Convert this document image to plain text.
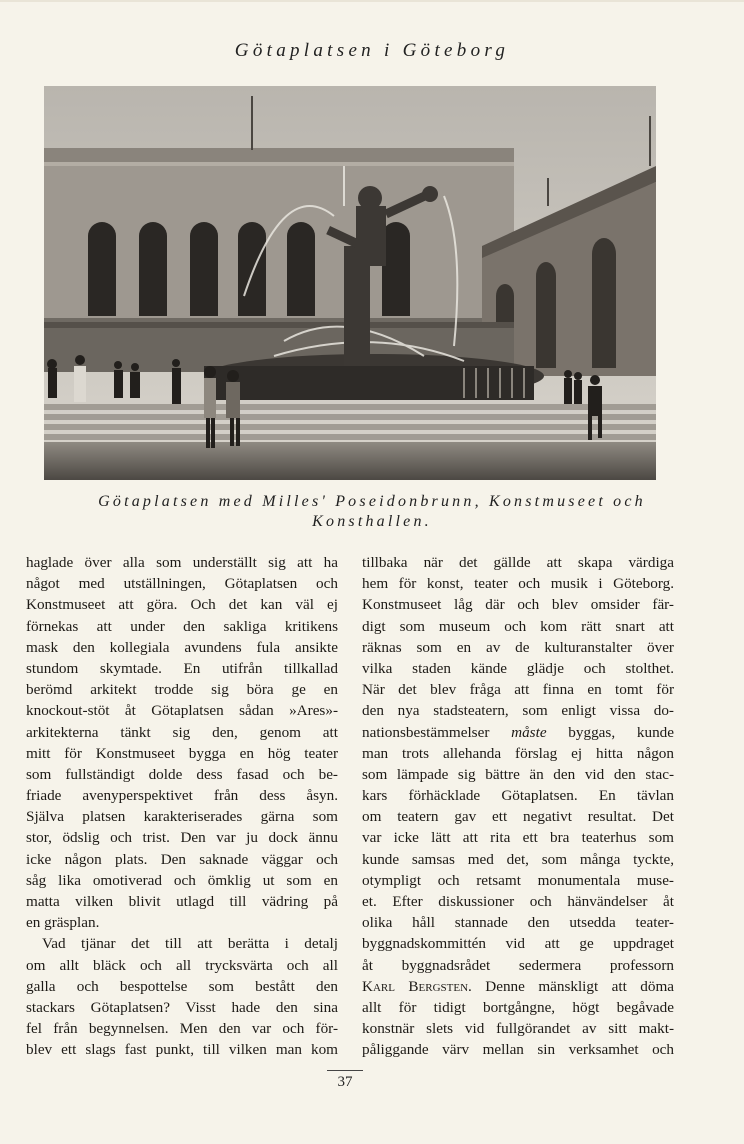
Götaplatsen i Göteborg
Götaplatsen med Milles' Poseidonbrunn, Konstmuseet och
Konsthallen.
haglade över alla som underställt sig att ha
något med utställningen, Götaplatsen och
Konstmuseet att göra. Och det kan väl ej
förnekas att under den sakliga kritikens
mask den kollegiala avundens fula ansikte
stundom skymtade. En utifrån tillkallad
berömd arkitekt trodde sig böra ge en
knockout-stöt åt Götaplatsen sådan »Ares»-
arkitekterna tänkt sig den, genom att
mitt för Konstmuseet bygga en hög teater
som fullständigt dolde dess fasad och be-
friade avenyperspektivet från dess åsyn.
Själva platsen karakteriserades gärna som
stor, ödslig och trist. Den var ju dock ännu
icke någon plats. Den saknade väggar och
såg lika omotiverad och ömklig ut som en
matta vilken blivit utlagd till vädring på
en gräsplan.
Vad tjänar det till att berätta i detalj
om allt bläck och all trycksvärta och all
galla och bespottelse som bestått den
stackars Götaplatsen? Visst hade den sina
fel från begynnelsen. Men den var och för-
blev ett slags fast punkt, till vilken man kom
tillbaka när det gällde att skapa värdiga
hem för konst, teater och musik i Göteborg.
Konstmuseet låg där och blev omsider fär-
digt som museum och kom rätt snart att
räknas som en av de kulturanstalter över
vilka staden kände glädje och stolthet.
När det blev fråga att finna en tomt för
den nya stadsteatern, som enligt vissa do-
nationsbestämmelser måste byggas, kunde
man trots allehanda förslag ej hitta någon
som lämpade sig bättre än den vid den stac-
kars förhäcklade Götaplatsen. En tävlan
om teatern gav ett negativt resultat. Det
var icke lätt att rita ett bra teaterhus som
kunde samsas med det, som många tyckte,
otympligt och retsamt monumentala muse-
et. Efter diskussioner och hänvändelser åt
olika håll stannade den utsedda teater-
byggnadskommittén vid att ge uppdraget
åt byggnadsrådet sedermera professorn
Karl Bergsten. Denne mänskligt att döma
allt för tidigt bortgångne, högt begåvade
konstnär slets vid fullgörandet av sitt makt-
påliggande värv mellan sin verksamhet och
37
